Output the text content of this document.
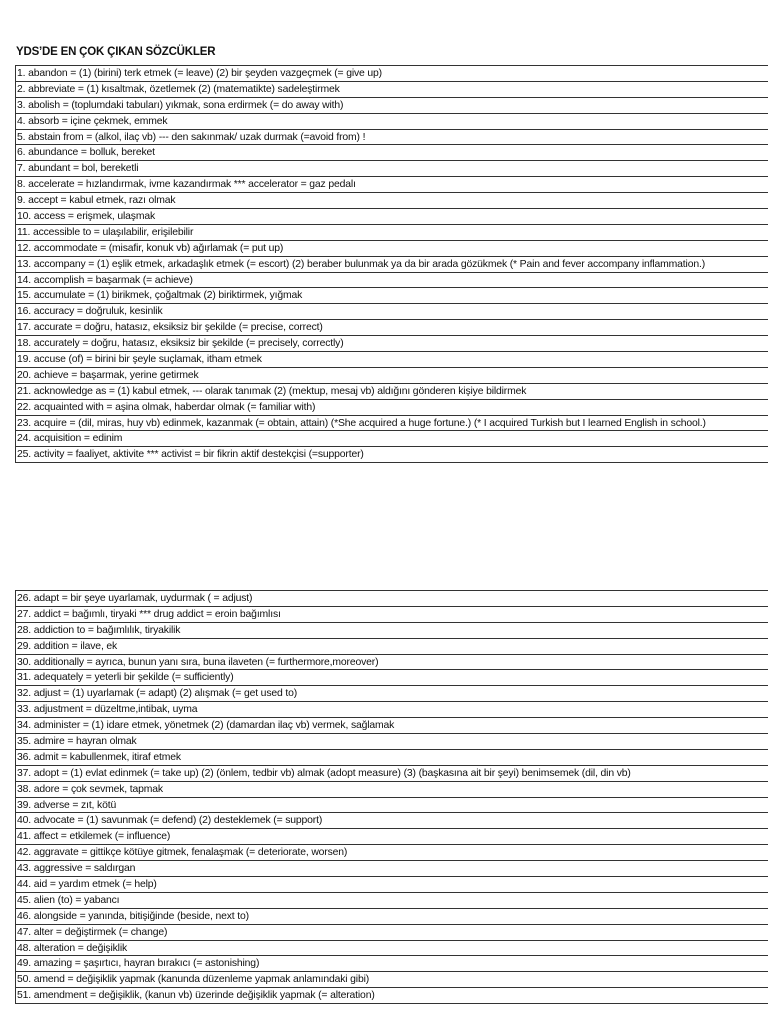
YDS’DE EN ÇOK ÇIKAN SÖZCÜKLER
1. abandon = (1) (birini) terk etmek (= leave) (2) bir şeyden vazgeçmek (= give up)
2. abbreviate = (1) kısaltmak, özetlemek (2) (matematikte) sadeleştirmek
3. abolish = (toplumdaki tabuları) yıkmak, sona erdirmek (= do away with)
4. absorb = içine çekmek, emmek
5. abstain from = (alkol, ilaç vb) --- den sakınmak/ uzak durmak (=avoid from) !
6. abundance = bolluk, bereket
7. abundant = bol, bereketli
8. accelerate = hızlandırmak, ivme kazandırmak *** accelerator = gaz pedalı
9. accept = kabul etmek, razı olmak
10. access = erişmek, ulaşmak
11. accessible to = ulaşılabilir, erişilebilir
12. accommodate = (misafir, konuk vb) ağırlamak (= put up)
13. accompany = (1) eşlik etmek, arkadaşlık etmek (= escort) (2) beraber bulunmak ya da bir arada gözükmek (* Pain and fever accompany inflammation.)
14. accomplish = başarmak (= achieve)
15. accumulate = (1) birikmek, çoğaltmak (2) biriktirmek, yığmak
16. accuracy = doğruluk, kesinlik
17. accurate = doğru, hatasız, eksiksiz bir şekilde (= precise, correct)
18. accurately = doğru, hatasız, eksiksiz bir şekilde (= precisely, correctly)
19. accuse (of) = birini bir şeyle suçlamak, itham etmek
20. achieve = başarmak, yerine getirmek
21. acknowledge as = (1) kabul etmek, --- olarak tanımak (2) (mektup, mesaj vb) aldığını gönderen kişiye bildirmek
22. acquainted with = aşina olmak, haberdar olmak (= familiar with)
23. acquire = (dil, miras, huy vb) edinmek, kazanmak (= obtain, attain) (*She acquired a huge fortune.) (* I acquired Turkish but I learned English in school.)
24. acquisition = edinim
25. activity = faaliyet, aktivite *** activist = bir fikrin aktif destekçisi (=supporter)
26. adapt = bir şeye uyarlamak, uydurmak ( = adjust)
27. addict = bağımlı, tiryaki *** drug addict = eroin bağımlısı
28. addiction to = bağımlılık, tiryakilik
29. addition = ilave, ek
30. additionally = ayrıca, bunun yanı sıra, buna ilaveten (= furthermore,moreover)
31. adequately = yeterli bir şekilde (= sufficiently)
32. adjust = (1) uyarlamak (= adapt) (2) alışmak (= get used to)
33. adjustment = düzeltme,intibak, uyma
34. administer = (1) idare etmek, yönetmek (2) (damardan ilaç vb) vermek, sağlamak
35. admire = hayran olmak
36. admit = kabullenmek, itiraf etmek
37. adopt = (1) evlat edinmek (= take up) (2) (önlem, tedbir vb) almak (adopt measure) (3) (başkasına ait bir şeyi) benimsemek (dil, din vb)
38. adore = çok sevmek, tapmak
39. adverse = zıt, kötü
40. advocate = (1) savunmak (= defend) (2) desteklemek (= support)
41. affect = etkilemek (= influence)
42. aggravate = gittikçe kötüye gitmek, fenalaşmak (= deteriorate, worsen)
43. aggressive = saldırgan
44. aid = yardım etmek (= help)
45. alien (to) = yabancı
46. alongside = yanında, bitişiğinde (beside, next to)
47. alter = değiştirmek (= change)
48. alteration = değişiklik
49. amazing = şaşırtıcı, hayran bırakıcı (= astonishing)
50. amend = değişiklik yapmak (kanunda düzenleme yapmak anlamındaki gibi)
51. amendment = değişiklik, (kanun vb) üzerinde değişiklik yapmak (= alteration)
